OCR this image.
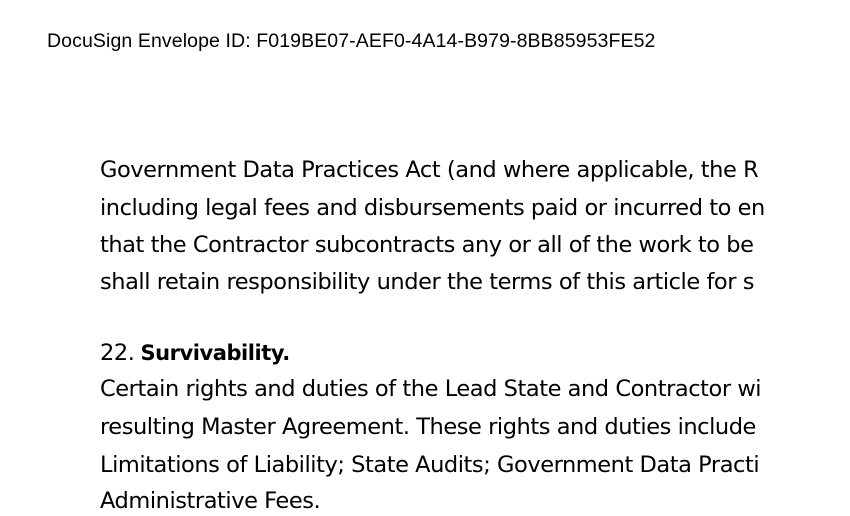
DocuSign Envelope ID: F019BE07-AEF0-4A14-B979-8BB85953FE52
Government Data Practices Act (and where applicable, the R
including legal fees and disbursements paid or incurred to en
that the Contractor subcontracts any or all of the work to be
shall retain responsibility under the terms of this article for s
22. Survivability.
Certain rights and duties of the Lead State and Contractor wi
resulting Master Agreement. These rights and duties include
Limitations of Liability; State Audits; Government Data Practi
Administrative Fees.
